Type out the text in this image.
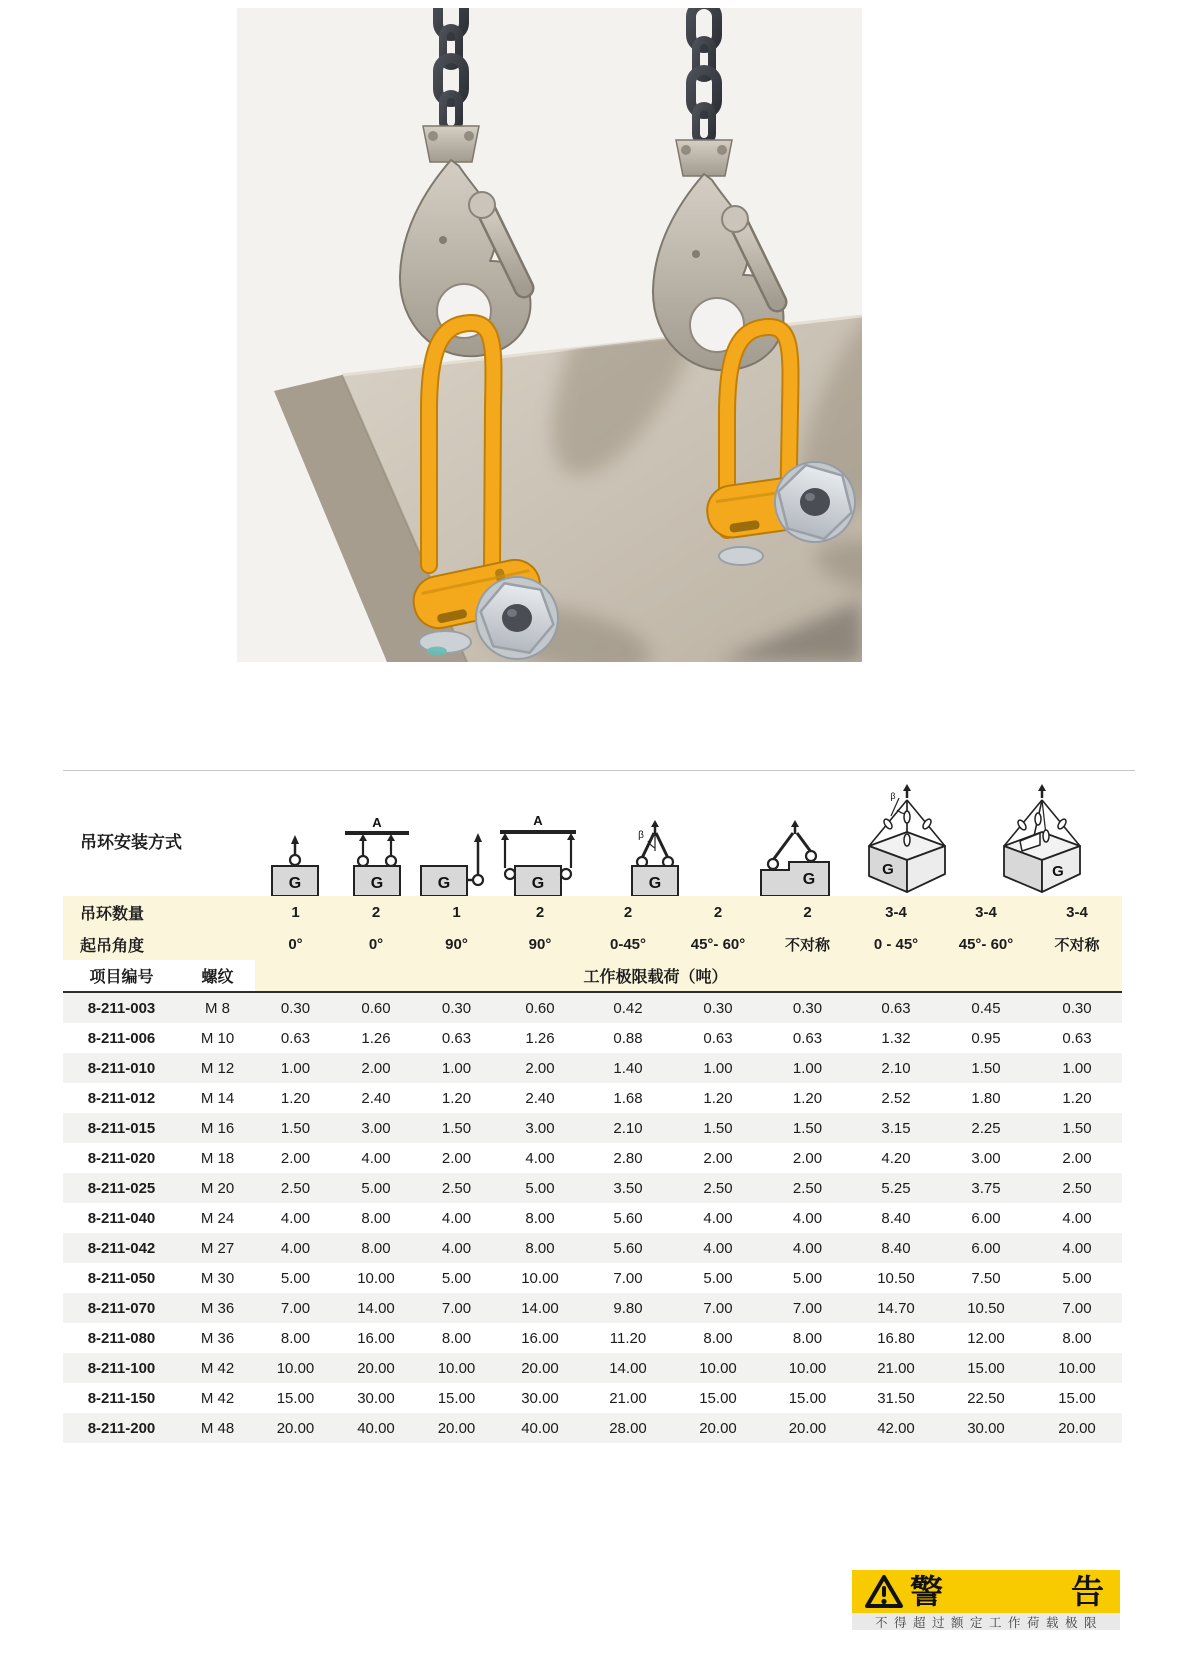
吊环安装方式
G
A
G	G
A
G
β
G	G
β
G	G
吊环数量	1	2	1	2	2	2	2	3-4	3-4	3-4
起吊角度	0°	0°	90°	90°	0-45°	45°- 60°	不对称	0 - 45°	45°- 60°	不对称
项目编号	螺纹	工作极限载荷（吨）
8-211-003	M 8	0.30	0.60	0.30	0.60	0.42	0.30	0.30	0.63	0.45	0.30
8-211-006	M 10	0.63	1.26	0.63	1.26	0.88	0.63	0.63	1.32	0.95	0.63
8-211-010	M 12	1.00	2.00	1.00	2.00	1.40	1.00	1.00	2.10	1.50	1.00
8-211-012	M 14	1.20	2.40	1.20	2.40	1.68	1.20	1.20	2.52	1.80	1.20
8-211-015	M 16	1.50	3.00	1.50	3.00	2.10	1.50	1.50	3.15	2.25	1.50
8-211-020	M 18	2.00	4.00	2.00	4.00	2.80	2.00	2.00	4.20	3.00	2.00
8-211-025	M 20	2.50	5.00	2.50	5.00	3.50	2.50	2.50	5.25	3.75	2.50
8-211-040	M 24	4.00	8.00	4.00	8.00	5.60	4.00	4.00	8.40	6.00	4.00
8-211-042	M 27	4.00	8.00	4.00	8.00	5.60	4.00	4.00	8.40	6.00	4.00
8-211-050	M 30	5.00	10.00	5.00	10.00	7.00	5.00	5.00	10.50	7.50	5.00
8-211-070	M 36	7.00	14.00	7.00	14.00	9.80	7.00	7.00	14.70	10.50	7.00
8-211-080	M 36	8.00	16.00	8.00	16.00	11.20	8.00	8.00	16.80	12.00	8.00
8-211-100	M 42	10.00	20.00	10.00	20.00	14.00	10.00	10.00	21.00	15.00	10.00
8-211-150	M 42	15.00	30.00	15.00	30.00	21.00	15.00	15.00	31.50	22.50	15.00
8-211-200	M 48	20.00	40.00	20.00	40.00	28.00	20.00	20.00	42.00	30.00	20.00
警	告
不得超过额定工作荷载极限
